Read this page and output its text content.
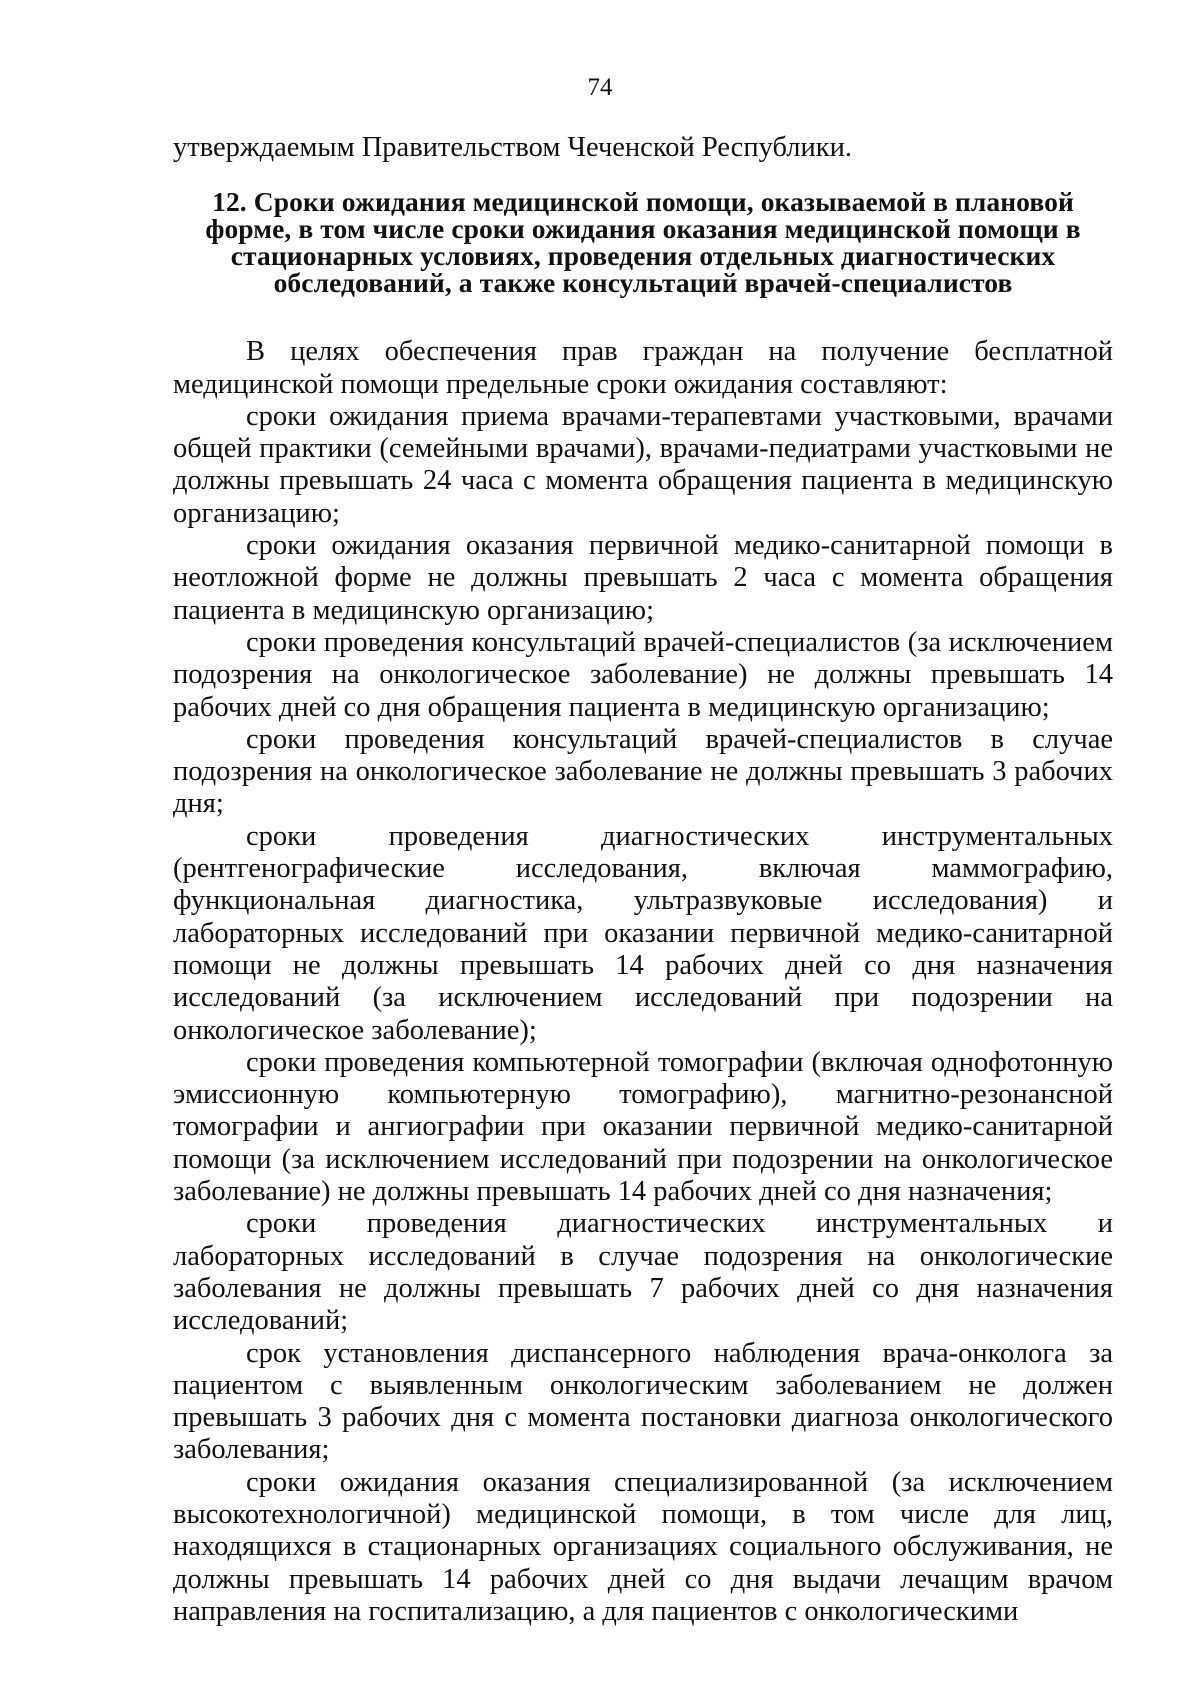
74

утверждаемым Правительством Чеченской Республики.

12. Сроки ожидания медицинской помощи, оказываемой в плановой
форме, в том числе сроки ожидания оказания медицинской помощи в
стационарных условиях, проведения отдельных диагностических
обследований, а также консультаций врачей-специалистов

В целях обеспечения прав граждан на получение бесплатной медицинской помощи предельные сроки ожидания составляют:

сроки ожидания приема врачами-терапевтами участковыми, врачами общей практики (семейными врачами), врачами-педиатрами участковыми не должны превышать 24 часа с момента обращения пациента в медицинскую организацию;

сроки ожидания оказания первичной медико-санитарной помощи в неотложной форме не должны превышать 2 часа с момента обращения пациента в медицинскую организацию;

сроки проведения консультаций врачей-специалистов (за исключением подозрения на онкологическое заболевание) не должны превышать 14 рабочих дней со дня обращения пациента в медицинскую организацию;

сроки проведения консультаций врачей-специалистов в случае подозрения на онкологическое заболевание не должны превышать 3 рабочих дня;

сроки проведения диагностических инструментальных (рентгенографические исследования, включая маммографию, функциональная диагностика, ультразвуковые исследования) и лабораторных исследований при оказании первичной медико-санитарной помощи не должны превышать 14 рабочих дней со дня назначения исследований (за исключением исследований при подозрении на онкологическое заболевание);

сроки проведения компьютерной томографии (включая однофотонную эмиссионную компьютерную томографию), магнитно-резонансной томографии и ангиографии при оказании первичной медико-санитарной помощи (за исключением исследований при подозрении на онкологическое заболевание) не должны превышать 14 рабочих дней со дня назначения;

сроки проведения диагностических инструментальных и лабораторных исследований в случае подозрения на онкологические заболевания не должны превышать 7 рабочих дней со дня назначения исследований;

срок установления диспансерного наблюдения врача-онколога за пациентом с выявленным онкологическим заболеванием не должен превышать 3 рабочих дня с момента постановки диагноза онкологического заболевания;

сроки ожидания оказания специализированной (за исключением высокотехнологичной) медицинской помощи, в том числе для лиц, находящихся в стационарных организациях социального обслуживания, не должны превышать 14 рабочих дней со дня выдачи лечащим врачом направления на госпитализацию, а для пациентов с онкологическими
